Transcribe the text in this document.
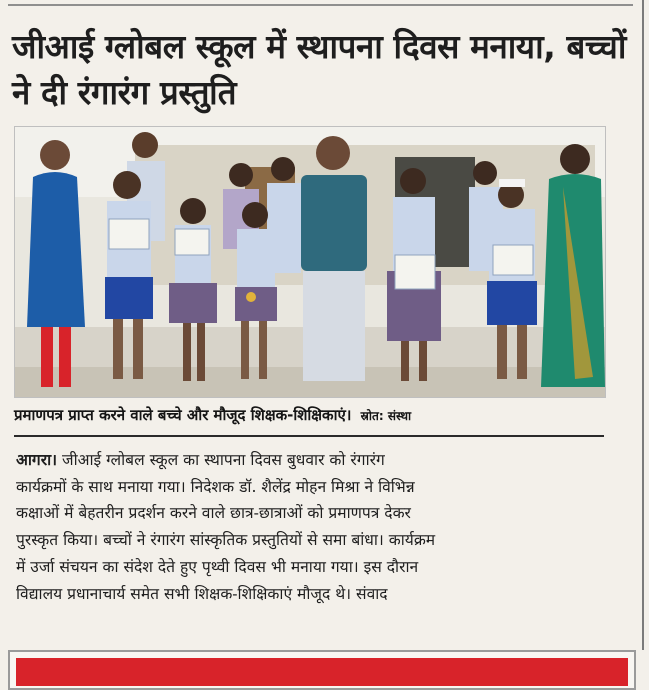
जीआई ग्लोबल स्कूल में स्थापना दिवस मनाया, बच्चों ने दी रंगारंग प्रस्तुति
प्रमाणपत्र प्राप्त करने वाले बच्चे और मौजूद शिक्षक-शिक्षिकाएं। स्रोत: संस्था
आगरा। जीआई ग्लोबल स्कूल का स्थापना दिवस बुधवार को रंगारंग
कार्यक्रमों के साथ मनाया गया। निदेशक डॉ. शैलेंद्र मोहन मिश्रा ने विभिन्न
कक्षाओं में बेहतरीन प्रदर्शन करने वाले छात्र-छात्राओं को प्रमाणपत्र देकर
पुरस्कृत किया। बच्चों ने रंगारंग सांस्कृतिक प्रस्तुतियों से समा बांधा। कार्यक्रम
में उर्जा संचयन का संदेश देते हुए पृथ्वी दिवस भी मनाया गया। इस दौरान
विद्यालय प्रधानाचार्य समेत सभी शिक्षक-शिक्षिकाएं मौजूद थे। संवाद
